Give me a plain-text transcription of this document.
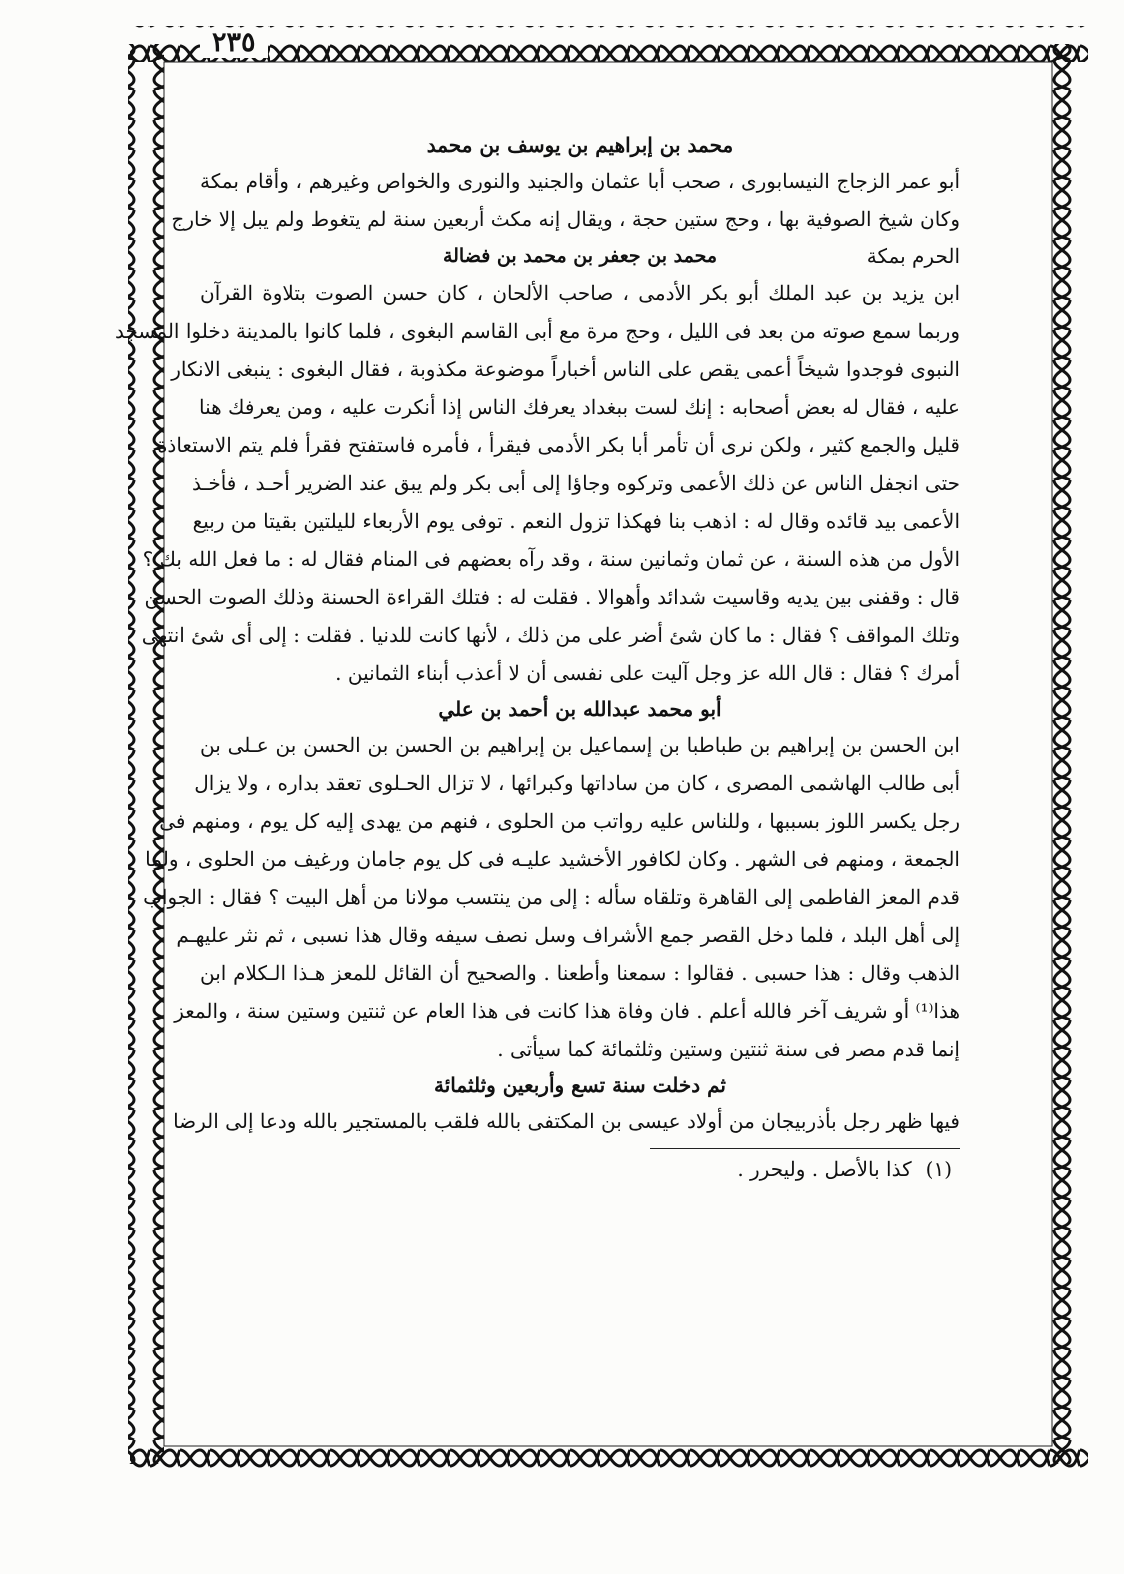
٢٣٥
محمد بن إبراهيم بن يوسف بن محمد
أبو عمر الزجاج النيسابورى ، صحب أبا عثمان والجنيد والنورى والخواص وغيرهم ، وأقام بمكة
وكان شيخ الصوفية بها ، وحج ستين حجة ، ويقال إنه مكث أربعين سنة لم يتغوط ولم يبل إلا خارج
الحرم بمكة
محمد بن جعفر بن محمد بن فضالة
ابن يزيد بن عبد الملك أبو بكر الأدمى ، صاحب الألحان ، كان حسن الصوت بتلاوة القرآن
وربما سمع صوته من بعد فى الليل ، وحج مرة مع أبى القاسم البغوى ، فلما كانوا بالمدينة دخلوا المسجد
النبوى فوجدوا شيخاً أعمى يقص على الناس أخباراً موضوعة مكذوبة ، فقال البغوى : ينبغى الانكار
عليه ، فقال له بعض أصحابه : إنك لست ببغداد يعرفك الناس إذا أنكرت عليه ، ومن يعرفك هنا
قليل والجمع كثير ، ولكن نرى أن تأمر أبا بكر الأدمى فيقرأ ، فأمره فاستفتح فقرأ فلم يتم الاستعاذة
حتى انجفل الناس عن ذلك الأعمى وتركوه وجاؤا إلى أبى بكر ولم يبق عند الضرير أحـد ، فأخـذ
الأعمى بيد قائده وقال له : اذهب بنا فهكذا تزول النعم . توفى يوم الأربعاء لليلتين بقيتا من ربيع
الأول من هذه السنة ، عن ثمان وثمانين سنة ، وقد رآه بعضهم فى المنام فقال له : ما فعل الله بك ؟
قال : وقفنى بين يديه وقاسيت شدائد وأهوالا . فقلت له : فتلك القراءة الحسنة وذلك الصوت الحسن
وتلك المواقف ؟ فقال : ما كان شئ أضر على من ذلك ، لأنها كانت للدنيا . فقلت : إلى أى شئ انتهى
أمرك ؟ فقال : قال الله عز وجل آليت على نفسى أن لا أعذب أبناء الثمانين .
أبو محمد عبدالله بن أحمد بن علي
ابن الحسن بن إبراهيم بن طباطبا بن إسماعيل بن إبراهيم بن الحسن بن الحسن بن عـلى بن
أبى طالب الهاشمى المصرى ، كان من ساداتها وكبرائها ، لا تزال الحـلوى تعقد بداره ، ولا يزال
رجل يكسر اللوز بسببها ، وللناس عليه رواتب من الحلوى ، فنهم من يهدى إليه كل يوم ، ومنهم فى
الجمعة ، ومنهم فى الشهر . وكان لكافور الأخشيد عليـه فى كل يوم جامان ورغيف من الحلوى ، ولما
قدم المعز الفاطمى إلى القاهرة وتلقاه سأله : إلى من ينتسب مولانا من أهل البيت ؟ فقال : الجواب
إلى أهل البلد ، فلما دخل القصر جمع الأشراف وسل نصف سيفه وقال هذا نسبى ، ثم نثر عليهـم
الذهب وقال : هذا حسبى . فقالوا : سمعنا وأطعنا . والصحيح أن القائل للمعز هـذا الـكلام ابن
هذا⁽¹⁾ أو شريف آخر فالله أعلم . فان وفاة هذا كانت فى هذا العام عن ثنتين وستين سنة ، والمعز
إنما قدم مصر فى سنة ثنتين وستين وثلثمائة كما سيأتى .
ثم دخلت سنة تسع وأربعين وثلثمائة
فيها ظهر رجل بأذربيجان من أولاد عيسى بن المكتفى بالله فلقب بالمستجير بالله ودعا إلى الرضا
(١)كذا بالأصل . وليحرر .
